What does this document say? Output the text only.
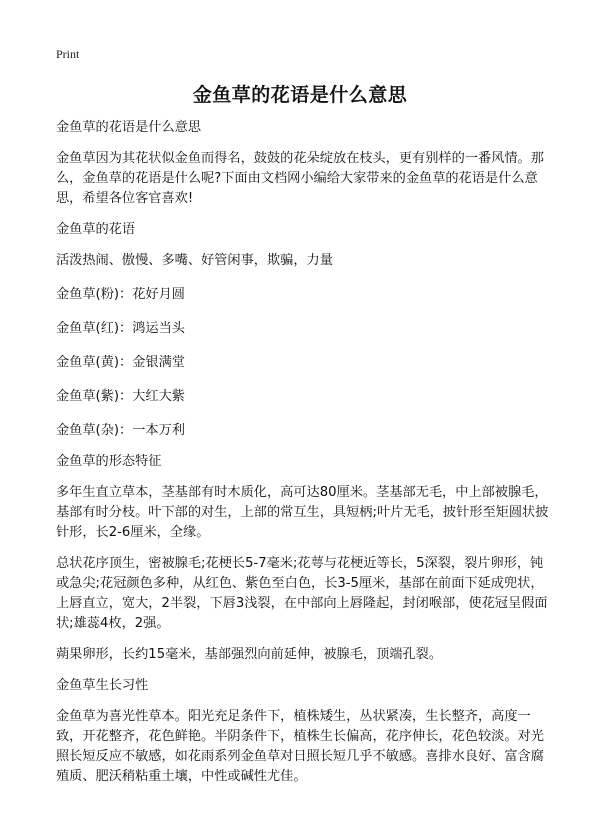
Print
金鱼草的花语是什么意思

金鱼草的花语是什么意思

金鱼草因为其花状似金鱼而得名，鼓鼓的花朵绽放在枝头，更有别样的一番风情。那么，金鱼草的花语是什么呢?下面由文档网小编给大家带来的金鱼草的花语是什么意思，希望各位客官喜欢!

金鱼草的花语

活泼热闹、傲慢、多嘴、好管闲事，欺骗，力量

金鱼草(粉)：花好月圆

金鱼草(红)：鸿运当头

金鱼草(黄)：金银满堂

金鱼草(紫)：大红大紫

金鱼草(杂)：一本万利

金鱼草的形态特征

多年生直立草本，茎基部有时木质化，高可达80厘米。茎基部无毛，中上部被腺毛，基部有时分枝。叶下部的对生，上部的常互生，具短柄;叶片无毛，披针形至矩圆状披针形，长2-6厘米，全缘。

总状花序顶生，密被腺毛;花梗长5-7毫米;花萼与花梗近等长，5深裂，裂片卵形，钝或急尖;花冠颜色多种，从红色、紫色至白色，长3-5厘米，基部在前面下延成兜状，上唇直立，宽大，2半裂，下唇3浅裂，在中部向上唇隆起，封闭喉部，使花冠呈假面状;雄蕊4枚，2强。

蒴果卵形，长约15毫米，基部强烈向前延伸，被腺毛，顶端孔裂。

金鱼草生长习性

金鱼草为喜光性草本。阳光充足条件下，植株矮生，丛状紧凑，生长整齐，高度一致，开花整齐，花色鲜艳。半阴条件下，植株生长偏高，花序伸长，花色较淡。对光照长短反应不敏感，如花雨系列金鱼草对日照长短几乎不敏感。喜排水良好、富含腐殖质、肥沃稍粘重土壤，中性或碱性尤佳。
